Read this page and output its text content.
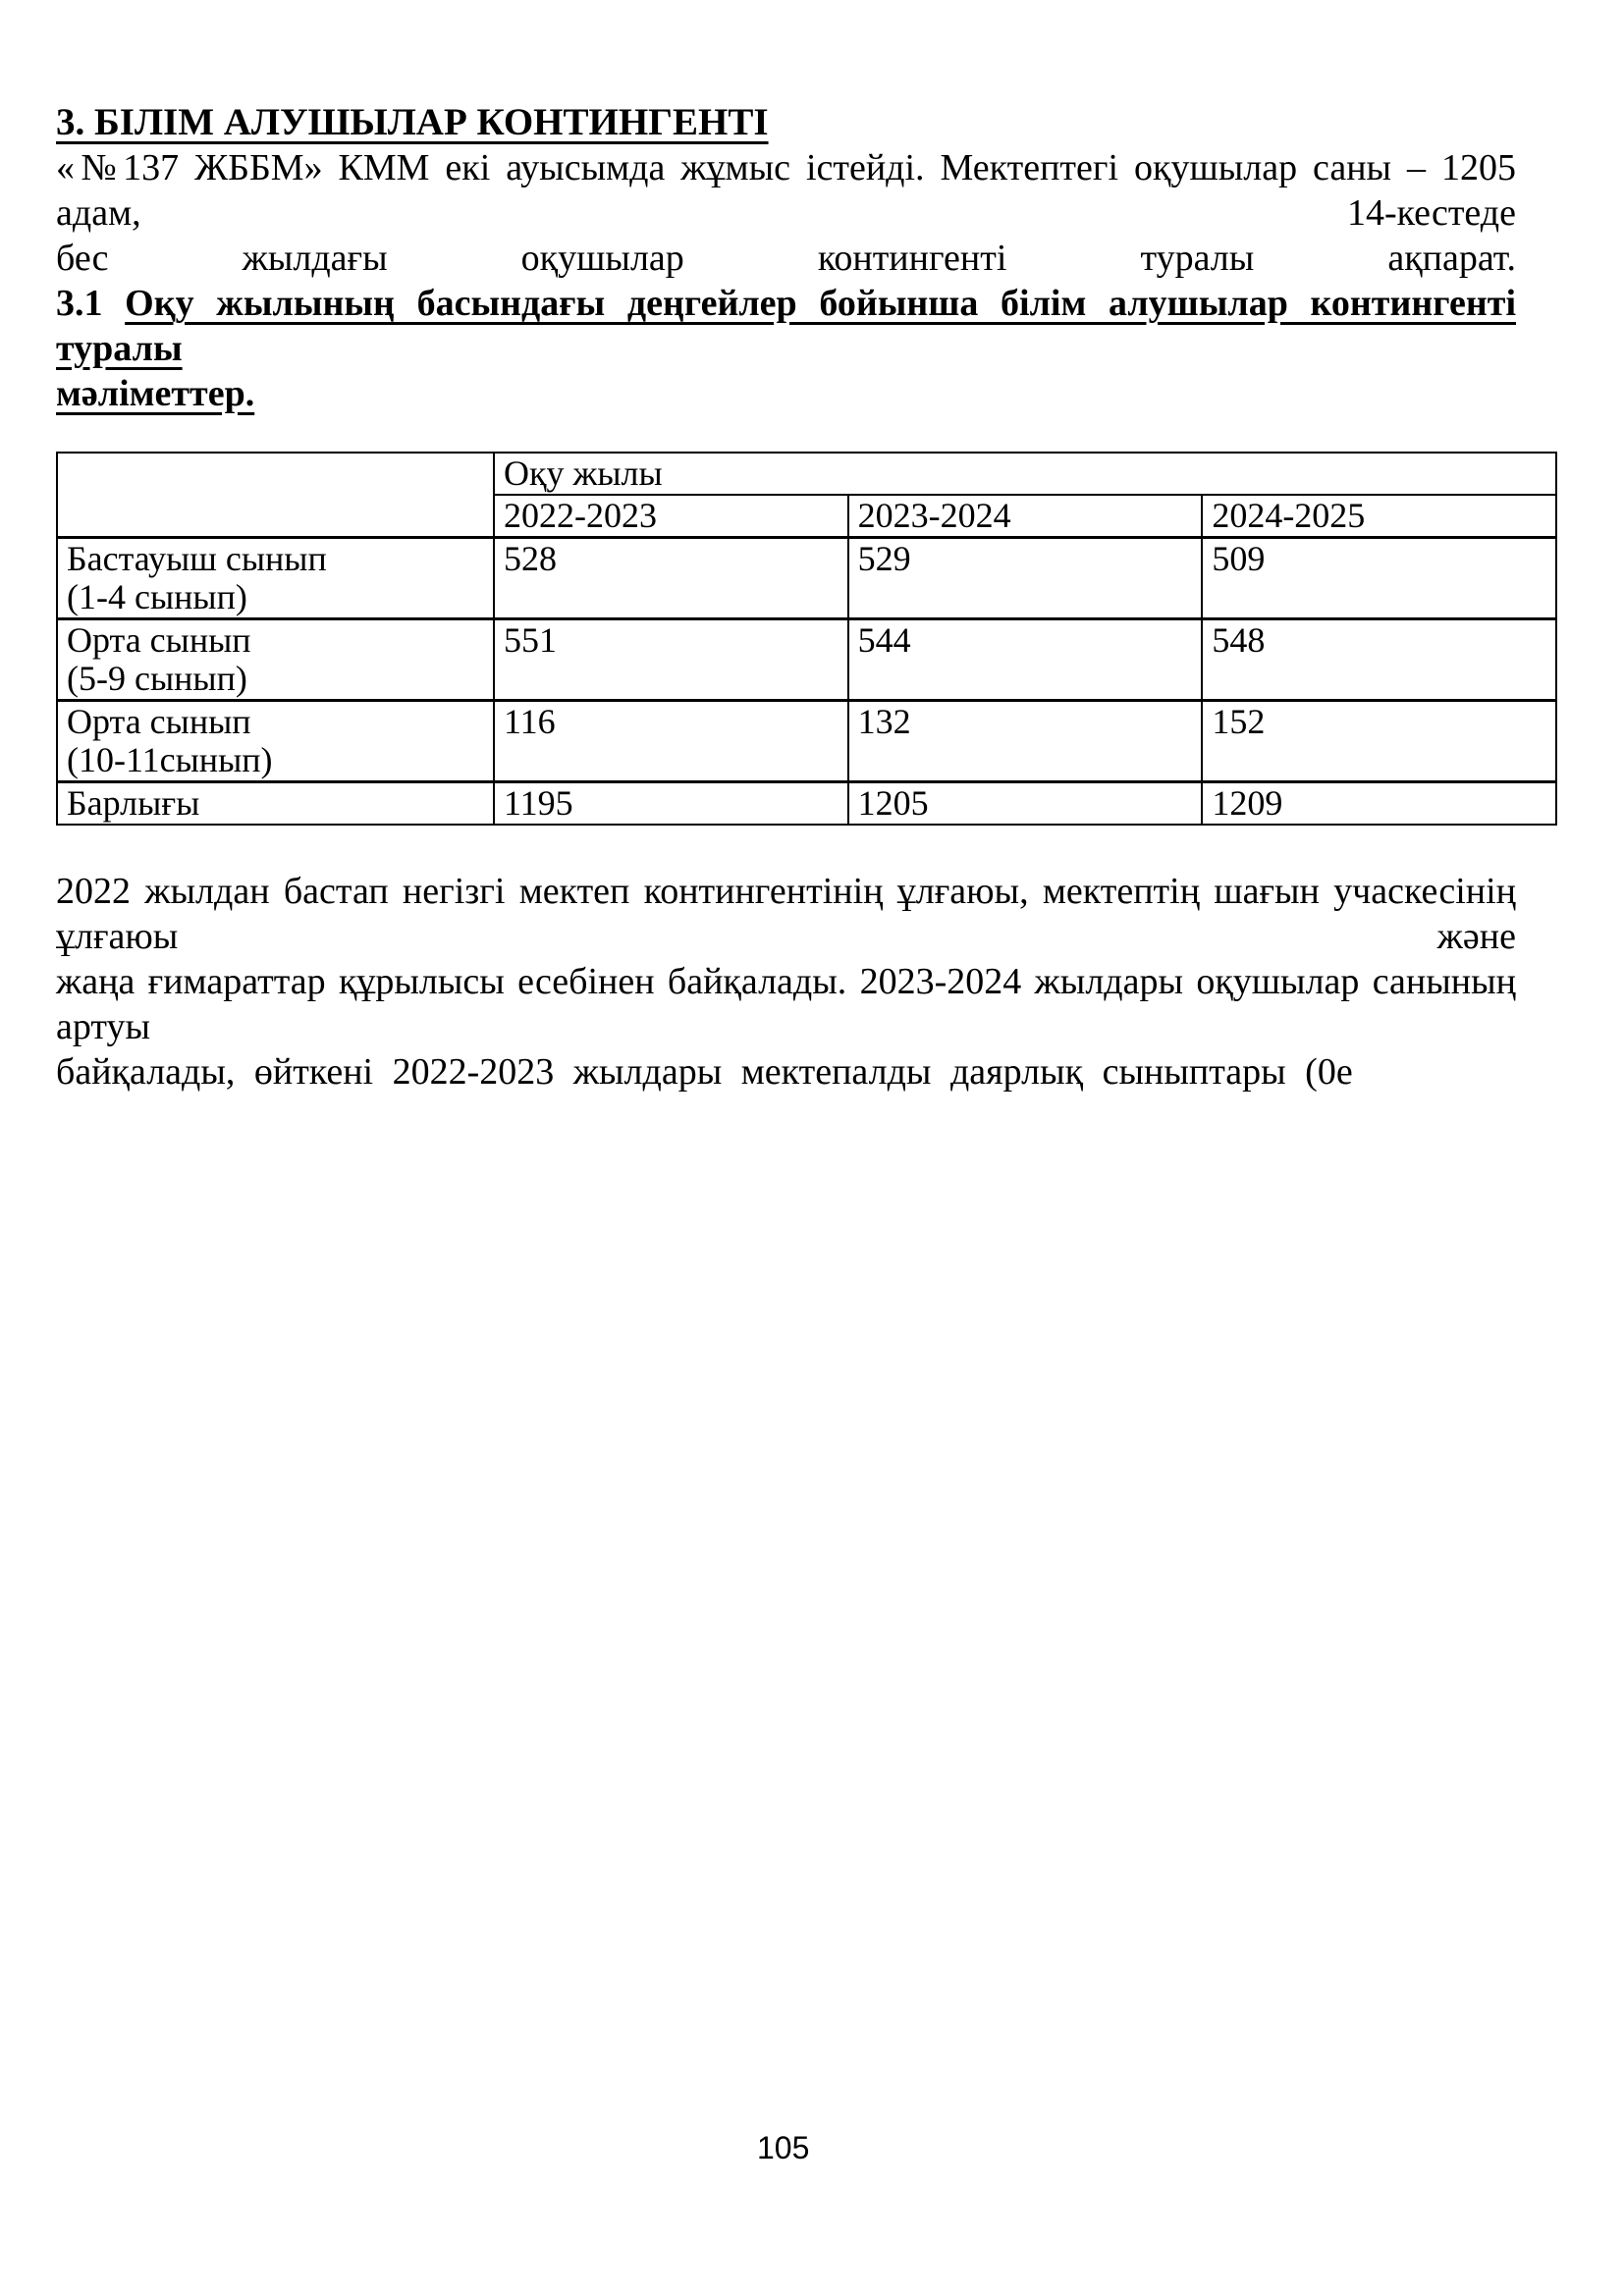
3. БІЛІМ АЛУШЫЛАР КОНТИНГЕНТІ
«№137 ЖББМ» КММ екі ауысымда жұмыс істейді. Мектептегі оқушылар саны – 1205 адам, 14-кестеде
бес жылдағы оқушылар контингенті туралы ақпарат.
3.1 Оқу жылының басындағы деңгейлер бойынша білім алушылар контингенті туралы
мәліметтер.
	Оқу жылы		
	2022-2023	2023-2024	2024-2025

Бастауыш сынып
(1-4 сынып)	528	529	509

Орта сынып
(5-9 сынып)	551	544	548

Орта сынып
(10-11сынып)	116	132	152
Барлығы	1195	1205	1209
2022 жылдан бастап негізгі мектеп контингентінің ұлғаюы, мектептің шағын учаскесінің ұлғаюы және
жаңа ғимараттар құрылысы есебінен байқалады. 2023-2024 жылдары оқушылар санының артуы
байқалады, өйткені 2022-2023 жылдары мектепалды даярлық сыныптары (0е
105
